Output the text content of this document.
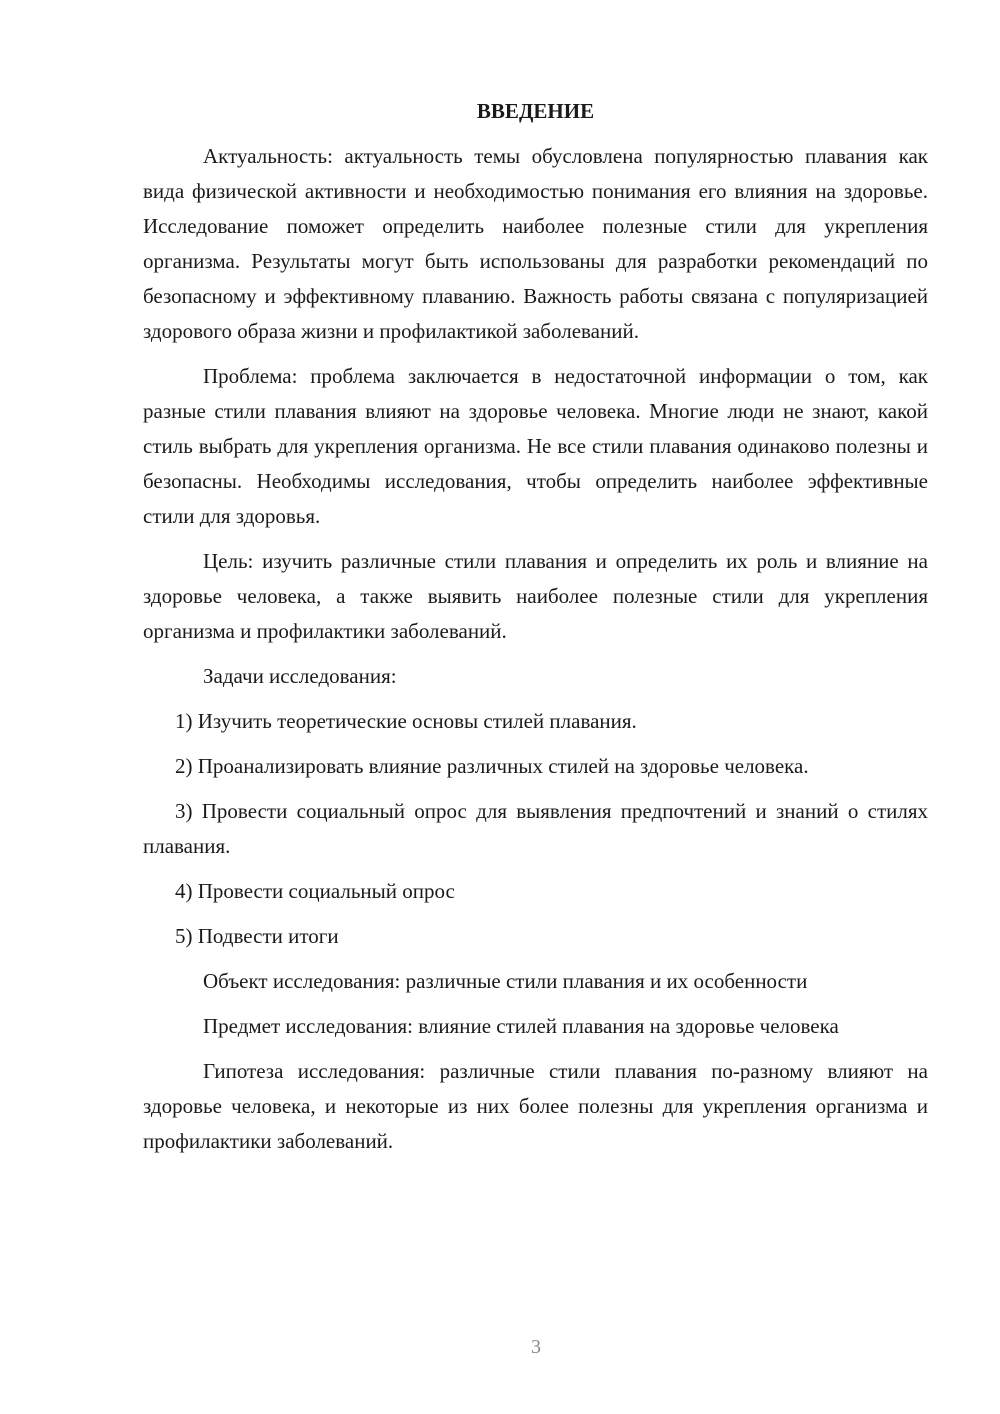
ВВЕДЕНИЕ

Актуальность: актуальность темы обусловлена популярностью плавания как вида физической активности и необходимостью понимания его влияния на здоровье. Исследование поможет определить наиболее полезные стили для укрепления организма. Результаты могут быть использованы для разработки рекомендаций по безопасному и эффективному плаванию. Важность работы связана с популяризацией здорового образа жизни и профилактикой заболеваний.

Проблема: проблема заключается в недостаточной информации о том, как разные стили плавания влияют на здоровье человека. Многие люди не знают, какой стиль выбрать для укрепления организма. Не все стили плавания одинаково полезны и безопасны. Необходимы исследования, чтобы определить наиболее эффективные стили для здоровья.

Цель: изучить различные стили плавания и определить их роль и влияние на здоровье человека, а также выявить наиболее полезные стили для укрепления организма и профилактики заболеваний.

Задачи исследования:

1) Изучить теоретические основы стилей плавания.

2) Проанализировать влияние различных стилей на здоровье человека.

3) Провести социальный опрос для выявления предпочтений и знаний о стилях плавания.

4) Провести социальный опрос

5) Подвести итоги

Объект исследования: различные стили плавания и их особенности

Предмет исследования: влияние стилей плавания на здоровье человека

Гипотеза исследования: различные стили плавания по-разному влияют на здоровье человека, и некоторые из них более полезны для укрепления организма и профилактики заболеваний.

3
